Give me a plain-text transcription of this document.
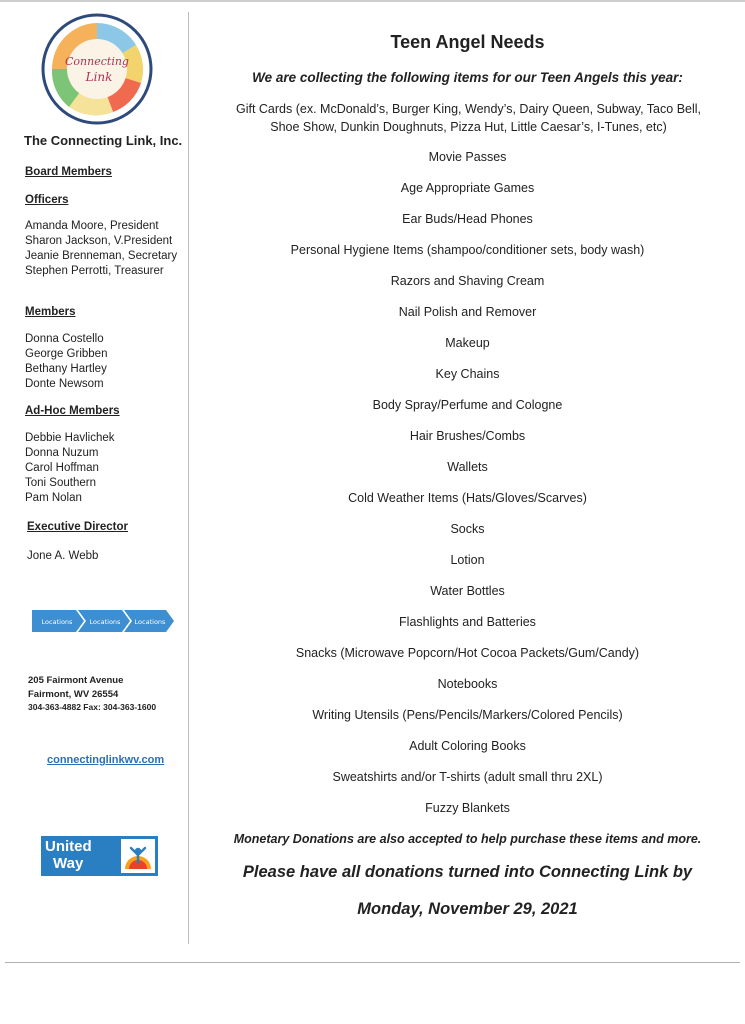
Connecting
Link
The Connecting Link, Inc.
Board Members
Officers
Amanda Moore, President
Sharon Jackson, V.President
Jeanie Brenneman, Secretary
Stephen Perrotti, Treasurer
Members
Donna Costello
George Gribben
Bethany Hartley
Donte Newsom
Ad-Hoc Members
Debbie Havlichek
Donna Nuzum
Carol Hoffman
Toni Southern
Pam Nolan
Executive Director
Jone A. Webb
Locations	Locations Locations
205 Fairmont Avenue
Fairmont, WV 26554
304-363-4882 Fax: 304-363-1600
connectinglinkwv.com
United
Way
Teen Angel Needs
We are collecting the following items for our Teen Angels this year:
Gift Cards (ex. McDonald’s, Burger King, Wendy’s, Dairy Queen, Subway, Taco Bell, Shoe Show, Dunkin Doughnuts, Pizza Hut, Little Caesar’s, I-Tunes, etc)
Movie Passes
Age Appropriate Games
Ear Buds/Head Phones
Personal Hygiene Items (shampoo/conditioner sets, body wash)
Razors and Shaving Cream
Nail Polish and Remover
Makeup
Key Chains
Body Spray/Perfume and Cologne
Hair Brushes/Combs
Wallets
Cold Weather Items (Hats/Gloves/Scarves)
Socks
Lotion
Water Bottles
Flashlights and Batteries
Snacks (Microwave Popcorn/Hot Cocoa Packets/Gum/Candy)
Notebooks
Writing Utensils (Pens/Pencils/Markers/Colored Pencils)
Adult Coloring Books
Sweatshirts and/or T-shirts (adult small thru 2XL)
Fuzzy Blankets
Monetary Donations are also accepted to help purchase these items and more.
Please have all donations turned into Connecting Link by
Monday, November 29, 2021
